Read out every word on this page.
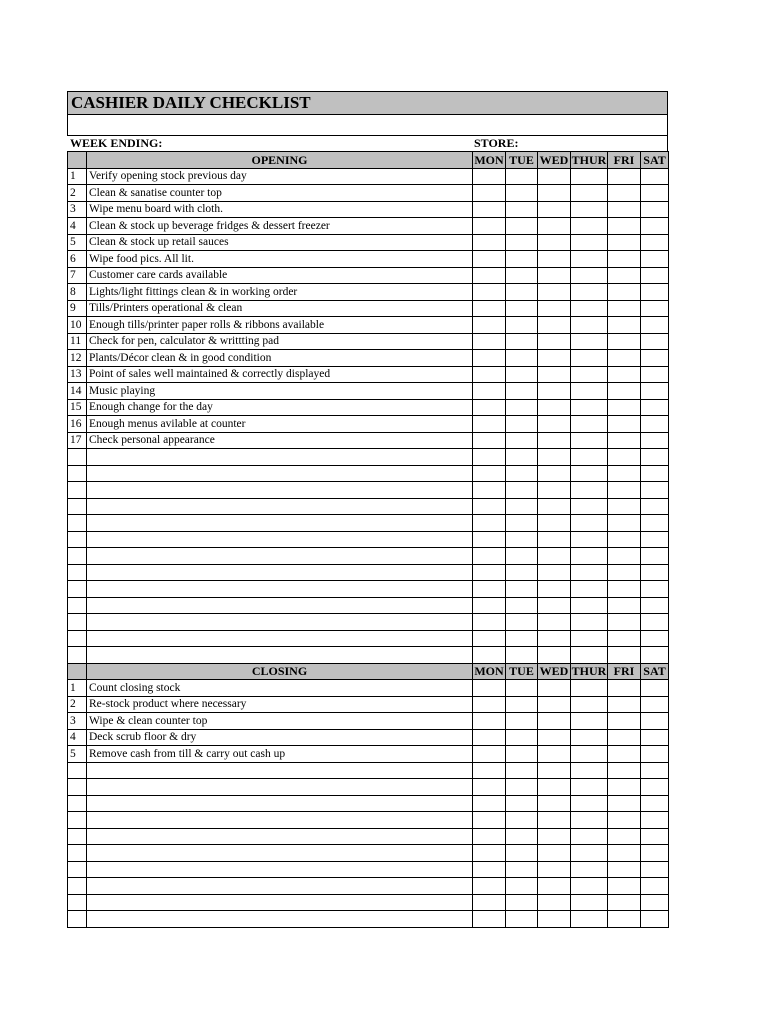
CASHIER DAILY CHECKLIST
WEEK ENDING:	STORE:
	OPENING	MON	TUE	WED	THUR	FRI	SAT
1	Verify opening stock previous day						
2	Clean & sanatise counter top						
3	Wipe menu board with cloth.						
4	Clean & stock up beverage fridges & dessert freezer						
5	Clean & stock up retail sauces						
6	Wipe food pics. All lit.						
7	Customer care cards available						
8	Lights/light fittings clean & in working order						
9	Tills/Printers operational & clean						
10	Enough tills/printer paper rolls & ribbons available						
11	Check for pen, calculator & writtting pad						
12	Plants/Décor clean & in good condition						
13	Point of sales well maintained & correctly displayed						
14	Music playing						
15	Enough change for the day						
16	Enough menus avilable at counter						
17	Check personal appearance						

	CLOSING	MON	TUE	WED	THUR	FRI	SAT
1	Count closing stock						
2	Re-stock product where necessary						
3	Wipe & clean counter top						
4	Deck scrub floor & dry						
5	Remove cash from till & carry out cash up						
